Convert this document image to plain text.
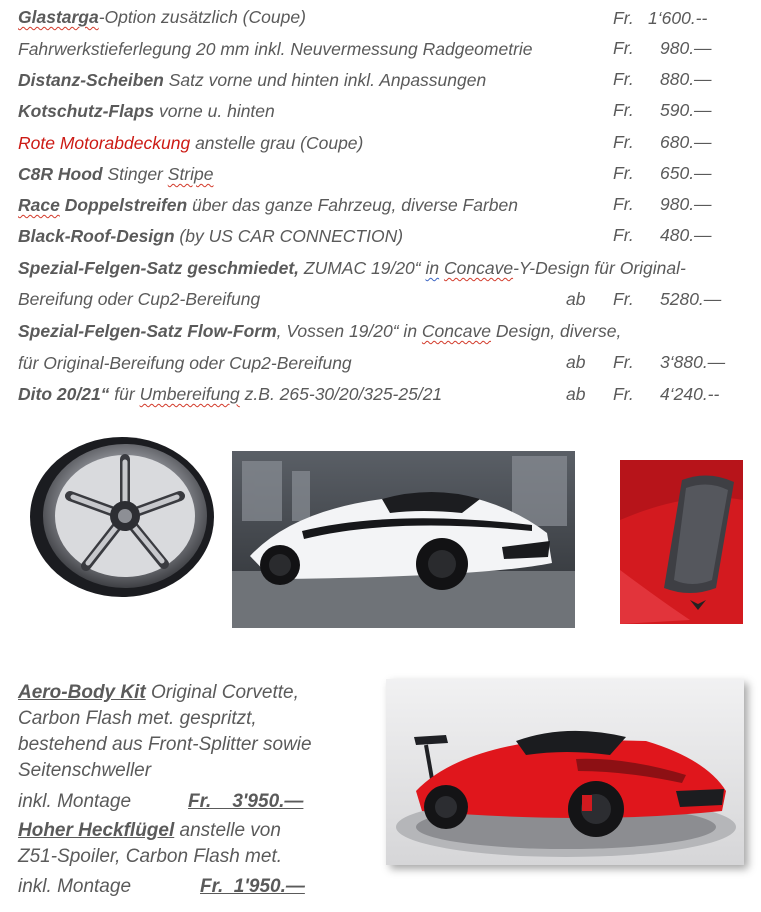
Glastarga-Option zusätzlich (Coupe)	Fr. 1‘600.--
Fahrwerkstieferlegung 20 mm inkl. Neuvermessung Radgeometrie	Fr. 980.—
Distanz-Scheiben Satz vorne und hinten inkl. Anpassungen	Fr. 880.—
Kotschutz-Flaps vorne u. hinten	Fr. 590.—
Rote Motorabdeckung anstelle grau (Coupe)	Fr. 680.—
C8R Hood Stinger Stripe	Fr. 650.—
Race Doppelstreifen über das ganze Fahrzeug, diverse Farben	Fr. 980.—
Black-Roof-Design (by US CAR CONNECTION)	Fr. 480.—
Spezial-Felgen-Satz geschmiedet, ZUMAC 19/20“ in Concave-Y-Design für Original-
Bereifung oder Cup2-Bereifung	ab Fr. 5280.—
Spezial-Felgen-Satz Flow-Form, Vossen 19/20“ in Concave Design, diverse,
für Original-Bereifung oder Cup2-Bereifung	ab Fr. 3‘880.—
Dito 20/21“ für Umbereifung z.B. 265-30/20/325-25/21	ab Fr. 4‘240.--
Aero-Body Kit Original Corvette,
Carbon Flash met. gespritzt,
bestehend aus Front-Splitter sowie
Seitenschweller
inkl. Montage	Fr.    3'950.—
Hoher Heckflügel anstelle von
Z51-Spoiler, Carbon Flash met.
inkl. Montage	Fr.  1'950.—
